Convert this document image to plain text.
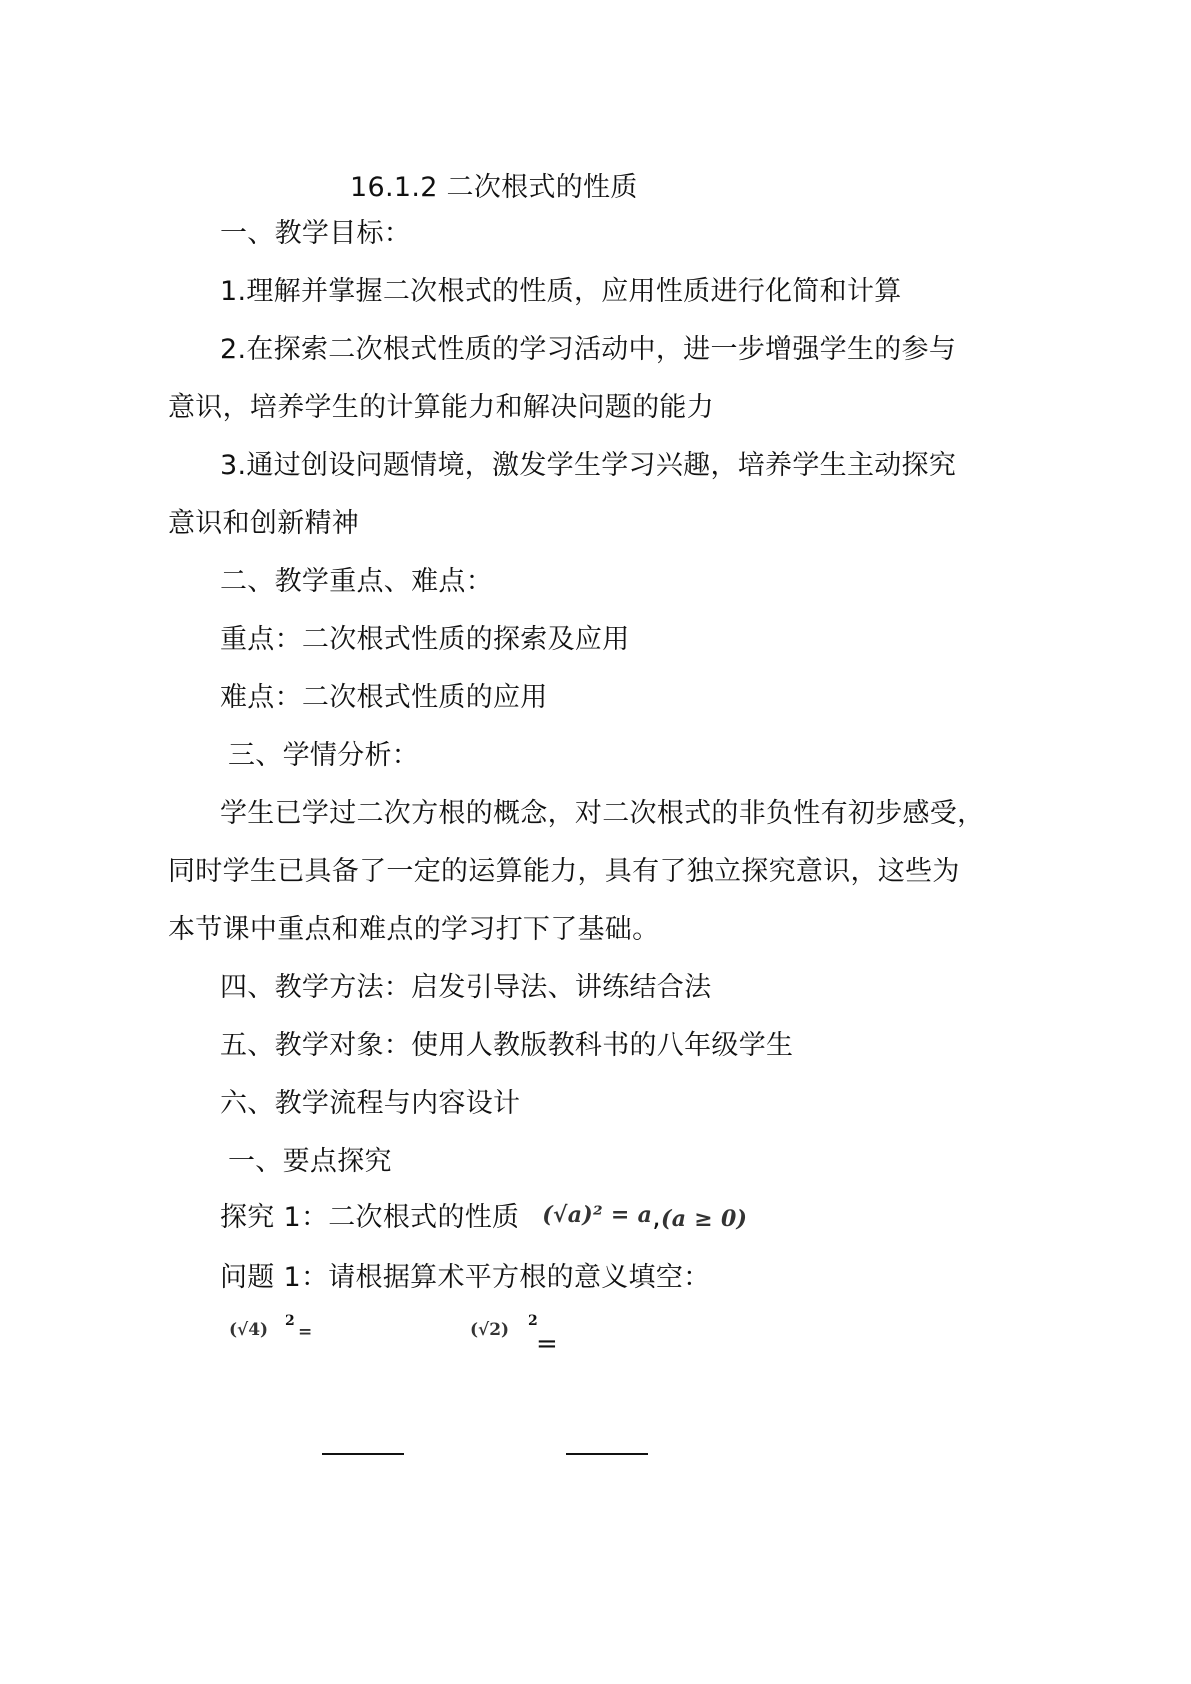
16.1.2 二次根式的性质
一、教学目标：
1.理解并掌握二次根式的性质，应用性质进行化简和计算
2.在探索二次根式性质的学习活动中，进一步增强学生的参与
意识，培养学生的计算能力和解决问题的能力
3.通过创设问题情境，激发学生学习兴趣，培养学生主动探究
意识和创新精神
二、教学重点、难点：
重点：二次根式性质的探索及应用
难点：二次根式性质的应用
三、学情分析：
学生已学过二次方根的概念，对二次根式的非负性有初步感受，
同时学生已具备了一定的运算能力，具有了独立探究意识，这些为
本节课中重点和难点的学习打下了基础。
四、教学方法：启发引导法、讲练结合法
五、教学对象：使用人教版教科书的八年级学生
六、教学流程与内容设计
一、要点探究
探究 1：二次根式的性质 (√a)² = a,(a ≥ 0)
问题 1：请根据算术平方根的意义填空：
(√4) 2
=	(√2) 2
=
